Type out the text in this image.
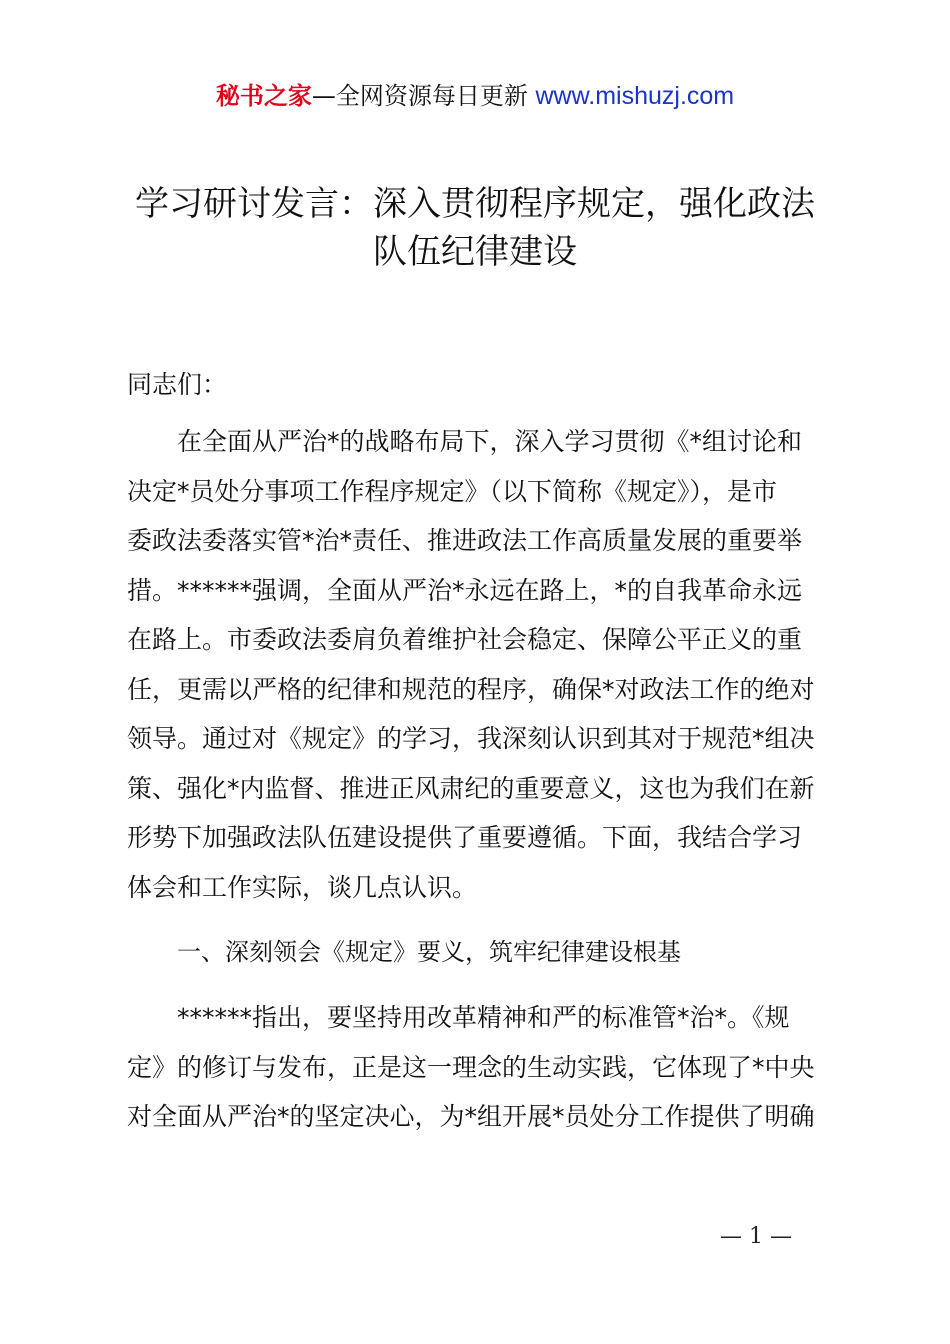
秘书之家—全网资源每日更新 www.mishuzj.com
学习研讨发言：深入贯彻程序规定，强化政法
队伍纪律建设
同志们：
　　在全面从严治*的战略布局下，深入学习贯彻《*组讨论和
决定*员处分事项工作程序规定》（以下简称《规定》），是市
委政法委落实管*治*责任、推进政法工作高质量发展的重要举
措。******强调，全面从严治*永远在路上，*的自我革命永远
在路上。市委政法委肩负着维护社会稳定、保障公平正义的重
任，更需以严格的纪律和规范的程序，确保*对政法工作的绝对
领导。通过对《规定》的学习，我深刻认识到其对于规范*组决
策、强化*内监督、推进正风肃纪的重要意义，这也为我们在新
形势下加强政法队伍建设提供了重要遵循。下面，我结合学习
体会和工作实际，谈几点认识。
一、深刻领会《规定》要义，筑牢纪律建设根基
　　******指出，要坚持用改革精神和严的标准管*治*。《规
定》的修订与发布，正是这一理念的生动实践，它体现了*中央
对全面从严治*的坚定决心，为*组开展*员处分工作提供了明确
— 1 —
